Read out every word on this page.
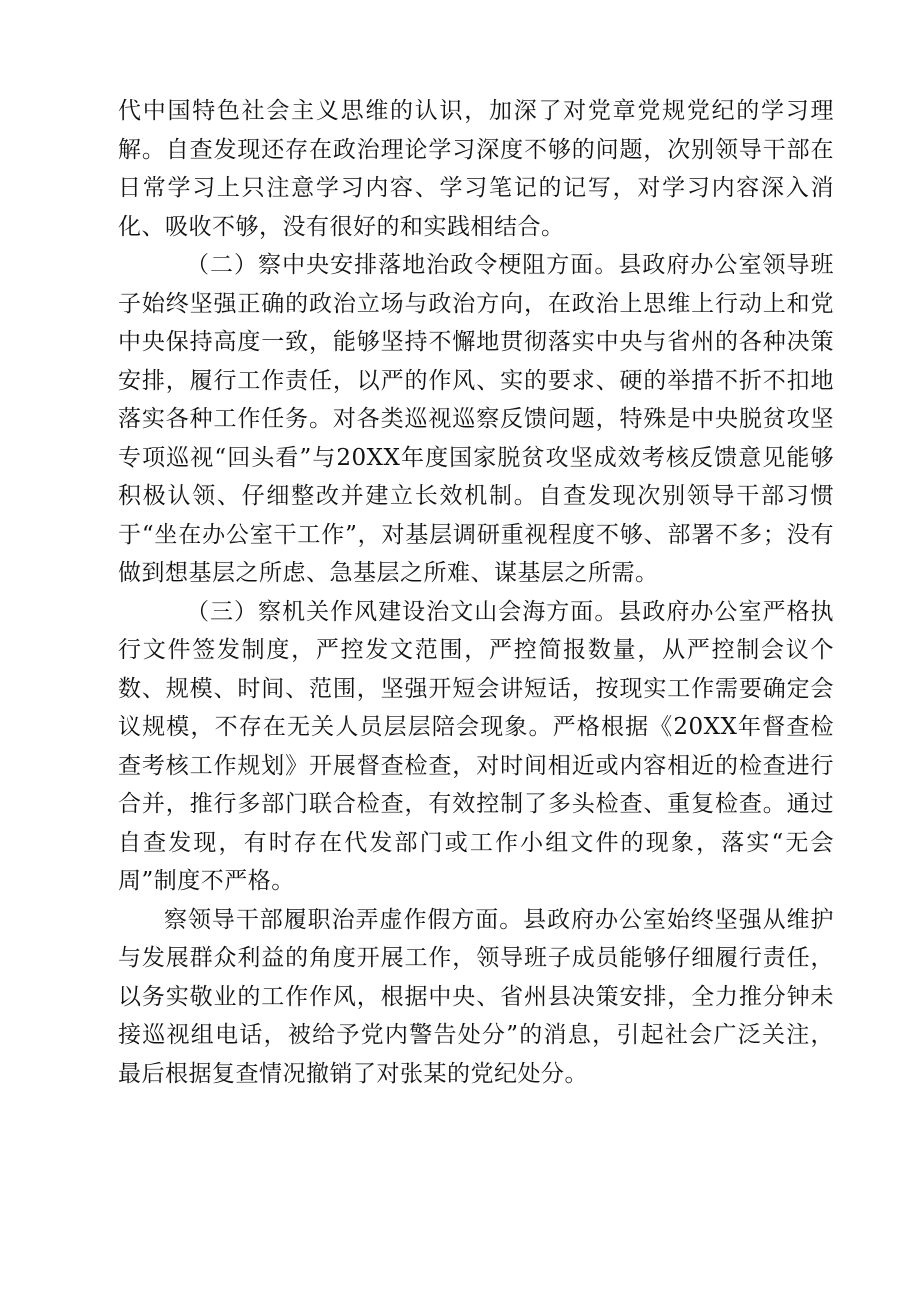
代中国特色社会主义思维的认识，加深了对党章党规党纪的学习理解。自查发现还存在政治理论学习深度不够的问题，次别领导干部在日常学习上只注意学习内容、学习笔记的记写，对学习内容深入消化、吸收不够，没有很好的和实践相结合。

（二）察中央安排落地治政令梗阻方面。县政府办公室领导班子始终坚强正确的政治立场与政治方向，在政治上思维上行动上和党中央保持高度一致，能够坚持不懈地贯彻落实中央与省州的各种决策安排，履行工作责任，以严的作风、实的要求、硬的举措不折不扣地落实各种工作任务。对各类巡视巡察反馈问题，特殊是中央脱贫攻坚专项巡视“回头看”与20XX年度国家脱贫攻坚成效考核反馈意见能够积极认领、仔细整改并建立长效机制。自查发现次别领导干部习惯于“坐在办公室干工作”，对基层调研重视程度不够、部署不多；没有做到想基层之所虑、急基层之所难、谋基层之所需。

（三）察机关作风建设治文山会海方面。县政府办公室严格执行文件签发制度，严控发文范围，严控简报数量，从严控制会议个数、规模、时间、范围，坚强开短会讲短话，按现实工作需要确定会议规模，不存在无关人员层层陪会现象。严格根据《20XX年督查检查考核工作规划》开展督查检查，对时间相近或内容相近的检查进行合并，推行多部门联合检查，有效控制了多头检查、重复检查。通过自查发现，有时存在代发部门或工作小组文件的现象，落实“无会周”制度不严格。

察领导干部履职治弄虚作假方面。县政府办公室始终坚强从维护与发展群众利益的角度开展工作，领导班子成员能够仔细履行责任，以务实敬业的工作作风，根据中央、省州县决策安排，全力推分钟未接巡视组电话，被给予党内警告处分”的消息，引起社会广泛关注，最后根据复查情况撤销了对张某的党纪处分。
